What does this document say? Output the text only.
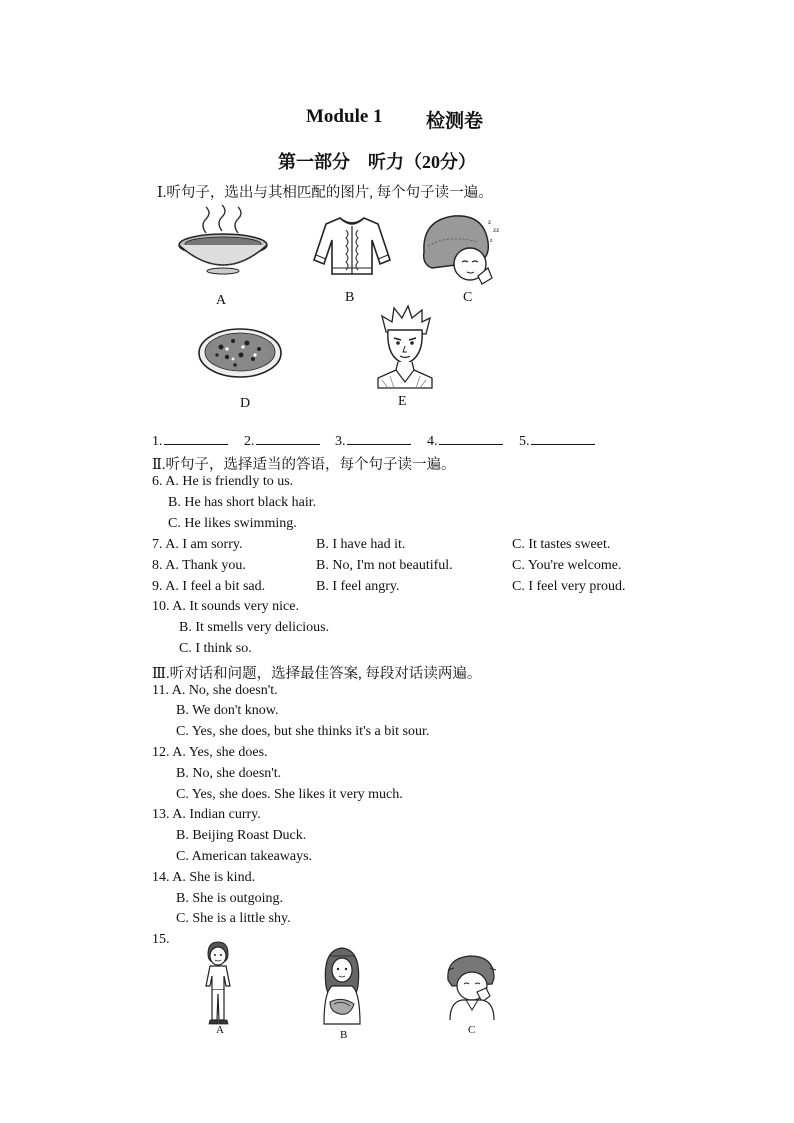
Module 1 检测卷
第一部分　听力（20分）
Ⅰ.听句子，选出与其相匹配的图片, 每个句子读一遍。
A	B
z
zz
z
C
D	E
1.	2.	3.	4.	5.
Ⅱ.听句子，选择适当的答语，每个句子读一遍。
6. A. He is friendly to us.
B. He has short black hair.
C. He likes swimming.
7. A. I am sorry.	B. I have had it.	C. It tastes sweet.
8. A. Thank you.	B. No, I'm not beautiful.	C. You're welcome.
9. A. I feel a bit sad.	B. I feel angry.	C. I feel very proud.
10. A. It sounds very nice.
B. It smells very delicious.
C. I think so.
Ⅲ.听对话和问题，选择最佳答案, 每段对话读两遍。
11. A. No, she doesn't.
B. We don't know.
C. Yes, she does, but she thinks it's a bit sour.
12. A. Yes, she does.
B. No, she doesn't.
C. Yes, she does. She likes it very much.
13. A. Indian curry.
B. Beijing Roast Duck.
C. American takeaways.
14. A. She is kind.
B. She is outgoing.
C. She is a little shy.
15.
A	B	C
